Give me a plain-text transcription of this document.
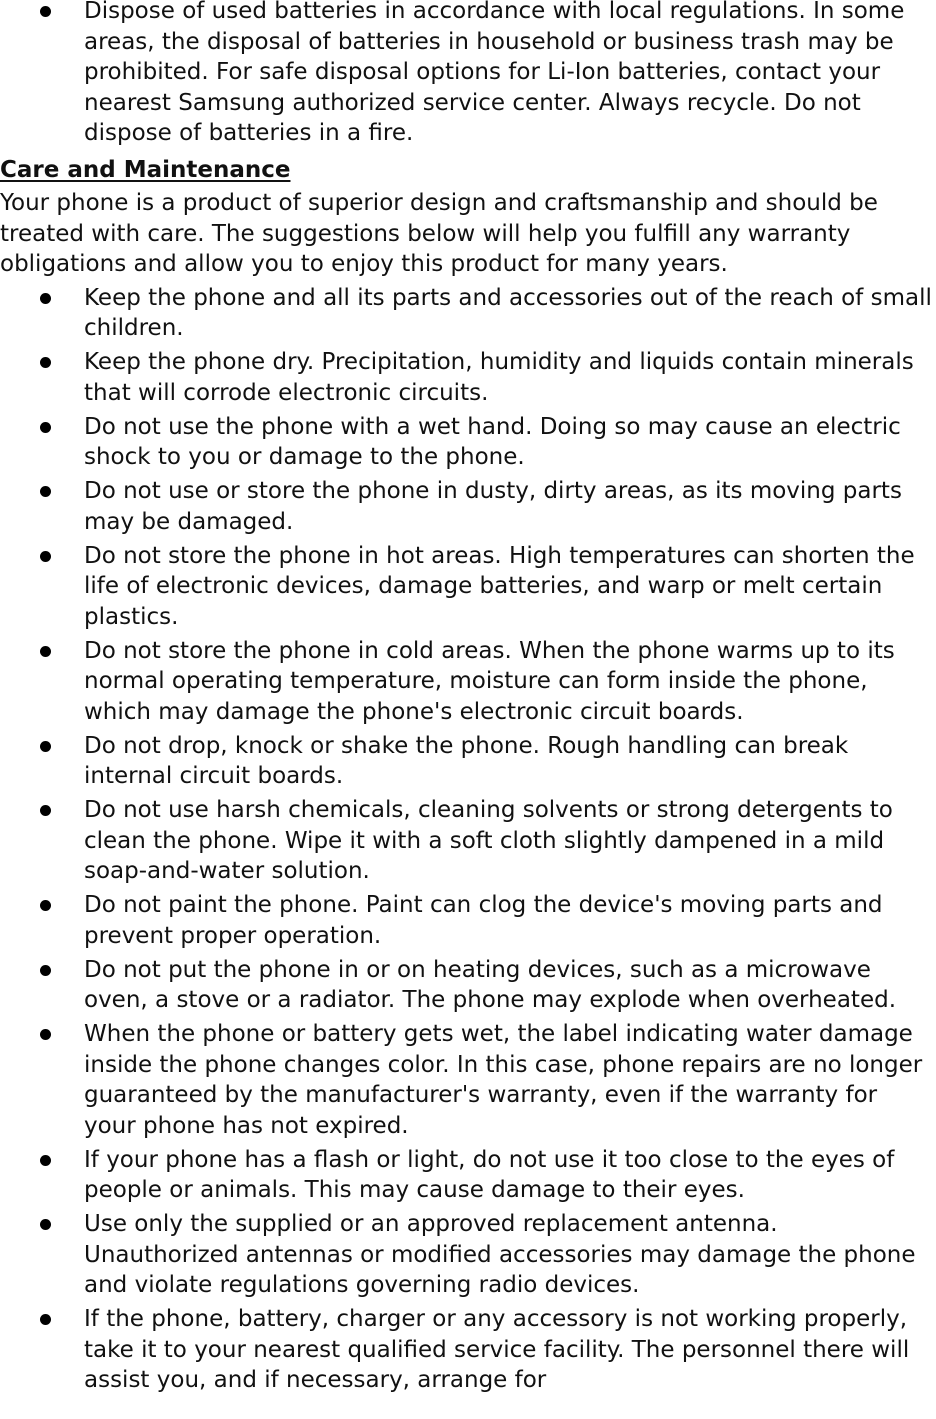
Dispose of used batteries in accordance with local regulations. In some areas, the disposal of batteries in household or business trash may be prohibited. For safe disposal options for Li-Ion batteries, contact your nearest Samsung authorized service center. Always recycle. Do not dispose of batteries in a fire.
Care and Maintenance
Your phone is a product of superior design and craftsmanship and should be treated with care. The suggestions below will help you fulfill any warranty obligations and allow you to enjoy this product for many years.
Keep the phone and all its parts and accessories out of the reach of small children.
Keep the phone dry. Precipitation, humidity and liquids contain minerals that will corrode electronic circuits.
Do not use the phone with a wet hand. Doing so may cause an electric shock to you or damage to the phone.
Do not use or store the phone in dusty, dirty areas, as its moving parts may be damaged.
Do not store the phone in hot areas. High temperatures can shorten the life of electronic devices, damage batteries, and warp or melt certain plastics.
Do not store the phone in cold areas. When the phone warms up to its normal operating temperature, moisture can form inside the phone, which may damage the phone's electronic circuit boards.
Do not drop, knock or shake the phone. Rough handling can break internal circuit boards.
Do not use harsh chemicals, cleaning solvents or strong detergents to clean the phone. Wipe it with a soft cloth slightly dampened in a mild soap-and-water solution.
Do not paint the phone. Paint can clog the device's moving parts and prevent proper operation.
Do not put the phone in or on heating devices, such as a microwave oven, a stove or a radiator. The phone may explode when overheated.
When the phone or battery gets wet, the label indicating water damage inside the phone changes color. In this case, phone repairs are no longer guaranteed by the manufacturer's warranty, even if the warranty for your phone has not expired.
If your phone has a flash or light, do not use it too close to the eyes of people or animals. This may cause damage to their eyes.
Use only the supplied or an approved replacement antenna. Unauthorized antennas or modified accessories may damage the phone and violate regulations governing radio devices.
If the phone, battery, charger or any accessory is not working properly, take it to your nearest qualified service facility. The personnel there will assist you, and if necessary, arrange for
